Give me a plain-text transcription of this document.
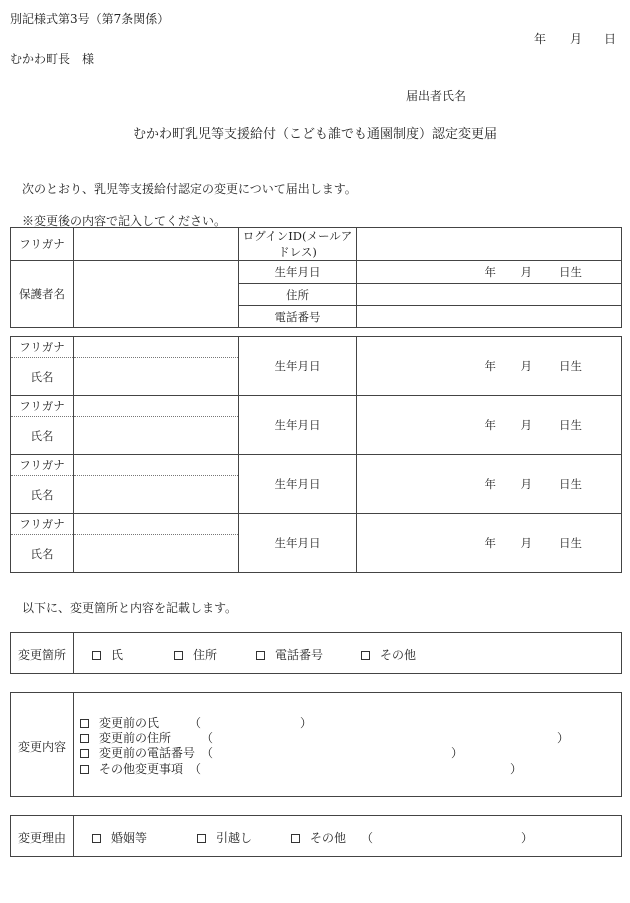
別記様式第3号（第7条関係）
年 月 日
むかわ町長　様
届出者氏名
むかわ町乳児等支援給付（こども誰でも通園制度）認定変更届
次のとおり、乳児等支援給付認定の変更について届出します。
※変更後の内容で記入してください。
フリガナ		ログインID(メールアドレス)	
保護者名		生年月日	年 月 日生
		住所	
		電話番号	
フリガナ		生年月日	年 月 日生
氏名			
フリガナ		生年月日	年 月 日生
氏名			
フリガナ		生年月日	年 月 日生
氏名			
フリガナ		生年月日	年 月 日生
氏名			
以下に、変更箇所と内容を記載します。
変更箇所	氏	住所	電話番号	その他
変更内容
変更前の氏 （	）
変更前の住所 （	）
変更前の電話番号 （	）
その他変更事項 （	）
変更理由	婚姻等	引越し	その他 （	）
